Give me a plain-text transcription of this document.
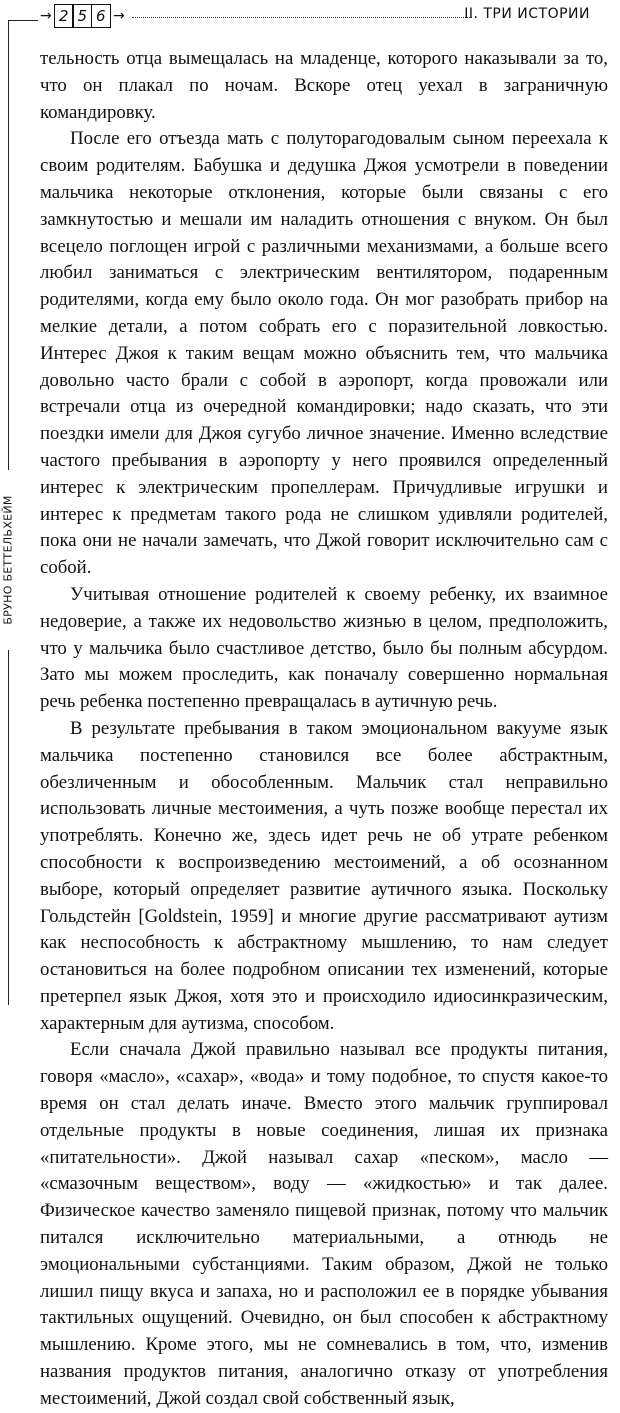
→ 2 5 6 →	II. ТРИ ИСТОРИИ
БРУНО БЕТТЕЛЬХЕЙМ

тельность отца вымещалась на младенце, которого наказывали за то, что он плакал по ночам. Вскоре отец уехал в заграничную командировку.

После его отъезда мать с полуторагодовалым сыном переехала к своим родителям. Бабушка и дедушка Джоя усмотрели в поведении мальчика некоторые отклонения, которые были связаны с его замкнутостью и мешали им наладить отношения с внуком. Он был всецело поглощен игрой с различными механизмами, а больше всего любил заниматься с электрическим вентилятором, подаренным родителями, когда ему было около года. Он мог разобрать прибор на мелкие детали, а потом собрать его с поразительной ловкостью. Интерес Джоя к таким вещам можно объяснить тем, что мальчика довольно часто брали с собой в аэропорт, когда провожали или встречали отца из очередной командировки; надо сказать, что эти поездки имели для Джоя сугубо личное значение. Именно вследствие частого пребывания в аэропорту у него проявился определенный интерес к электрическим пропеллерам. Причудливые игрушки и интерес к предметам такого рода не слишком удивляли родителей, пока они не начали замечать, что Джой говорит исключительно сам с собой.

Учитывая отношение родителей к своему ребенку, их взаимное недоверие, а также их недовольство жизнью в целом, предположить, что у мальчика было счастливое детство, было бы полным абсурдом. Зато мы можем проследить, как поначалу совершенно нормальная речь ребенка постепенно превращалась в аутичную речь.

В результате пребывания в таком эмоциональном вакууме язык мальчика постепенно становился все более абстрактным, обезличенным и обособленным. Мальчик стал неправильно использовать личные местоимения, а чуть позже вообще перестал их употреблять. Конечно же, здесь идет речь не об утрате ребенком способности к воспроизведению местоимений, а об осознанном выборе, который определяет развитие аутичного языка. Поскольку Гольдстейн [Goldstein, 1959] и многие другие рассматривают аутизм как неспособность к абстрактному мышлению, то нам следует остановиться на более подробном описании тех изменений, которые претерпел язык Джоя, хотя это и происходило идиосинкразическим, характерным для аутизма, способом.

Если сначала Джой правильно называл все продукты питания, говоря «масло», «сахар», «вода» и тому подобное, то спустя какое-то время он стал делать иначе. Вместо этого мальчик группировал отдельные продукты в новые соединения, лишая их признака «питательности». Джой называл сахар «песком», масло — «смазочным веществом», воду — «жидкостью» и так далее. Физическое качество заменяло пищевой признак, потому что мальчик питался исключительно материальными, а отнюдь не эмоциональными субстанциями. Таким образом, Джой не только лишил пищу вкуса и запаха, но и расположил ее в порядке убывания тактильных ощущений. Очевидно, он был способен к абстрактному мышлению. Кроме этого, мы не сомневались в том, что, изменив названия продуктов питания, аналогично отказу от употребления местоимений, Джой создал свой собственный язык,
